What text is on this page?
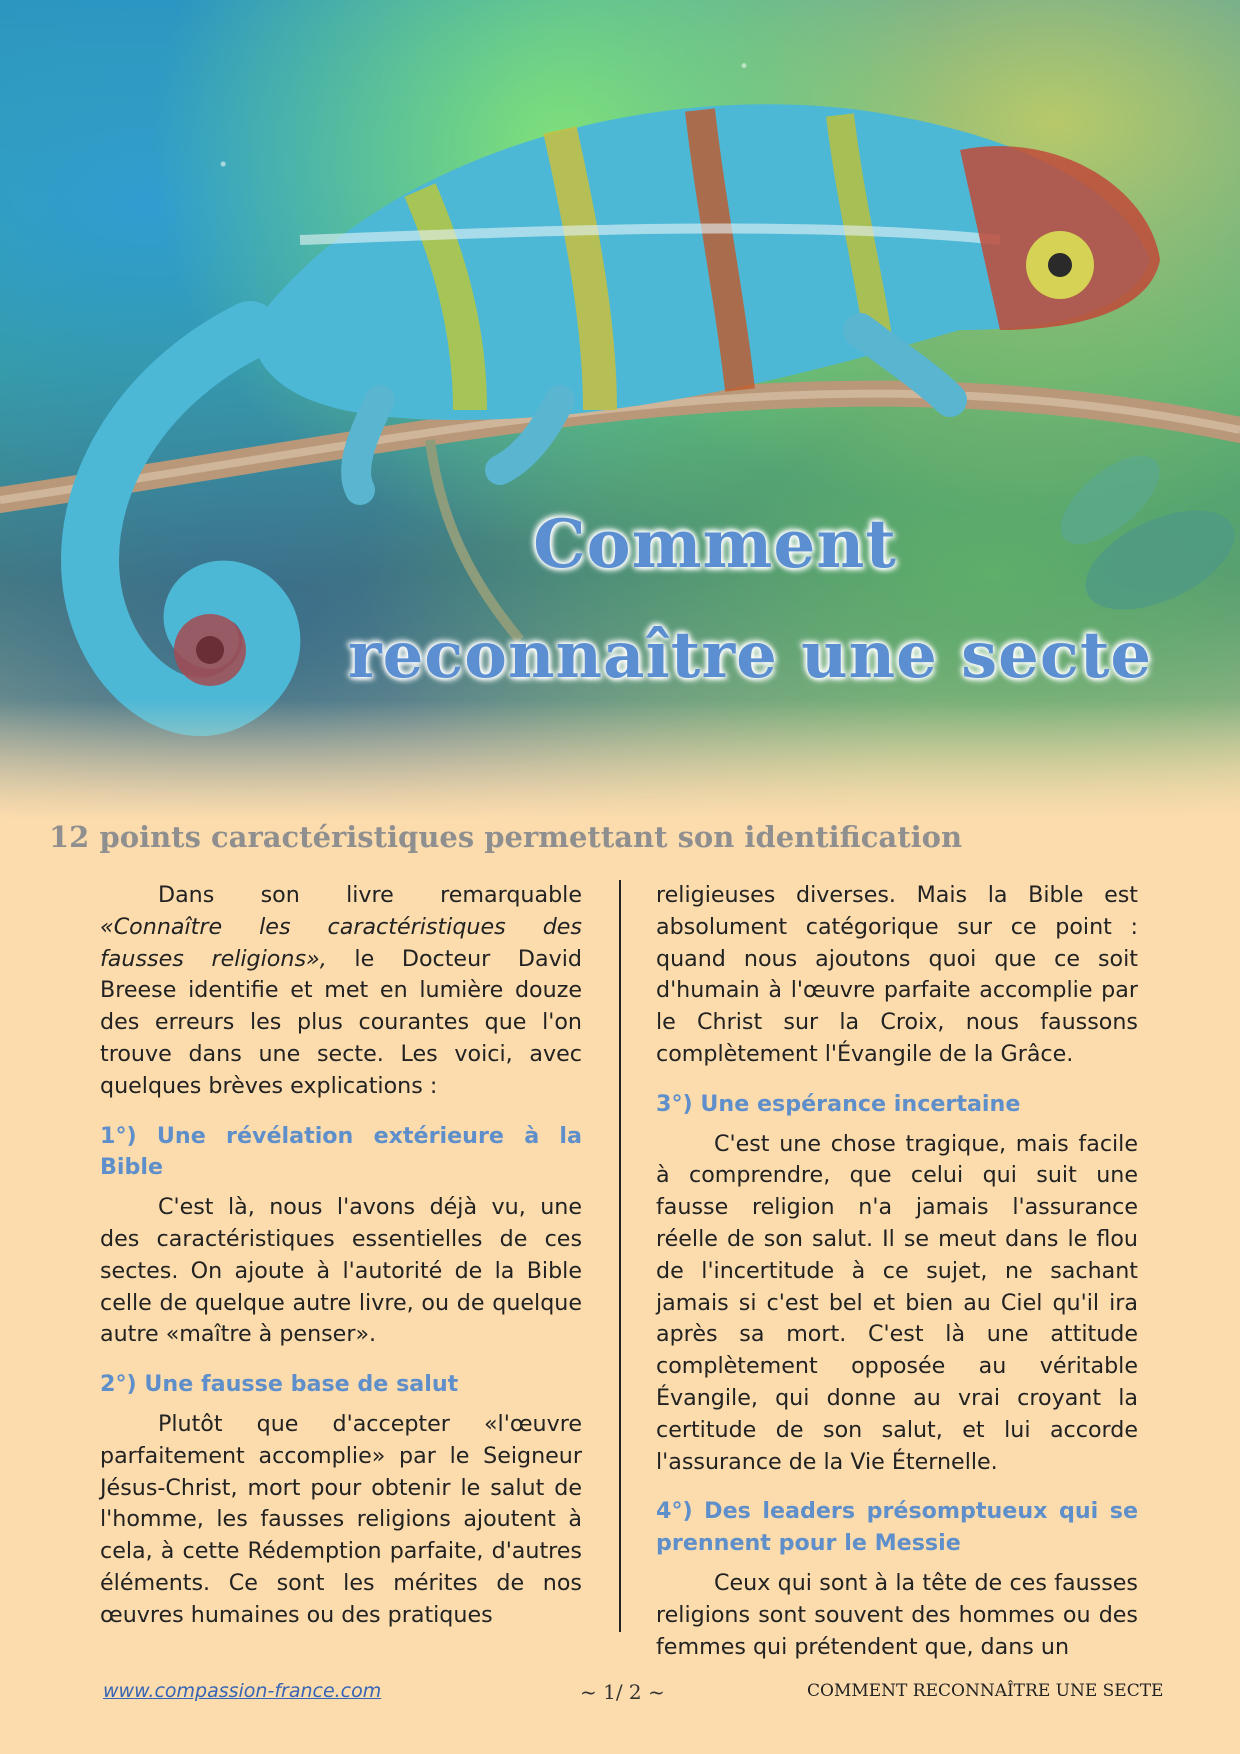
Comment
reconnaître une secte
12 points caractéristiques permettant son identification

Dans son livre remarquable «Connaître les caractéristiques des fausses religions», le Docteur David Breese identifie et met en lumière douze des erreurs les plus courantes que l'on trouve dans une secte. Les voici, avec quelques brèves explications :

1°) Une révélation extérieure à la Bible

C'est là, nous l'avons déjà vu, une des caractéristiques essentielles de ces sectes. On ajoute à l'autorité de la Bible celle de quelque autre livre, ou de quelque autre «maître à penser».

2°) Une fausse base de salut

Plutôt que d'accepter «l'œuvre parfaitement accomplie» par le Seigneur Jésus-Christ, mort pour obtenir le salut de l'homme, les fausses religions ajoutent à cela, à cette Rédemption parfaite, d'autres éléments. Ce sont les mérites de nos œuvres humaines ou des pratiques

religieuses diverses. Mais la Bible est absolument catégorique sur ce point : quand nous ajoutons quoi que ce soit d'humain à l'œuvre parfaite accomplie par le Christ sur la Croix, nous faussons complètement l'Évangile de la Grâce.

3°) Une espérance incertaine

C'est une chose tragique, mais facile à comprendre, que celui qui suit une fausse religion n'a jamais l'assurance réelle de son salut. Il se meut dans le flou de l'incertitude à ce sujet, ne sachant jamais si c'est bel et bien au Ciel qu'il ira après sa mort. C'est là une attitude complètement opposée au véritable Évangile, qui donne au vrai croyant la certitude de son salut, et lui accorde l'assurance de la Vie Éternelle.

4°) Des leaders présomptueux qui se prennent pour le Messie

Ceux qui sont à la tête de ces fausses religions sont souvent des hommes ou des femmes qui prétendent que, dans un

www.compassion-france.com	~ 1/ 2 ~	COMMENT RECONNAÎTRE UNE SECTE
